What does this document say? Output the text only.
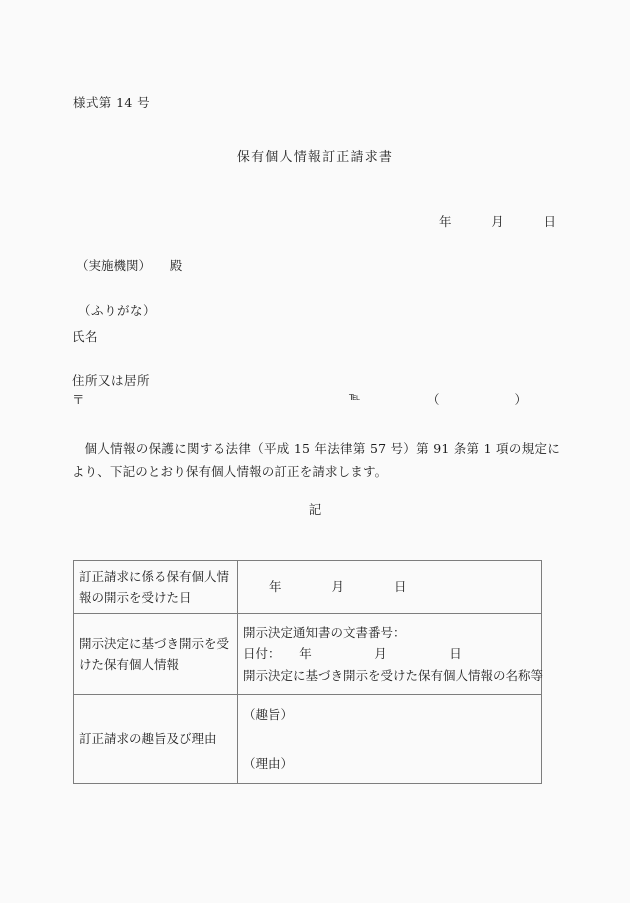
様式第 14 号
保有個人情報訂正請求書
年          月          日
（実施機関）　　殿
（ふりがな）
氏名
住所又は居所
〒	℡	（　　　　　　）
個人情報の保護に関する法律（平成 15 年法律第 57 号）第 91 条第 1 項の規定により、下記のとおり保有個人情報の訂正を請求します。
記
訂正請求に係る保有個人情報の開示を受けた日	年　　　　月　　　　日

開示決定に基づき開示を受けた保有個人情報	開示決定通知書の文書番号：
日付：　　年　　　　　月　　　　　日
開示決定に基づき開示を受けた保有個人情報の名称等

訂正請求の趣旨及び理由	（趣旨）
（理由）
